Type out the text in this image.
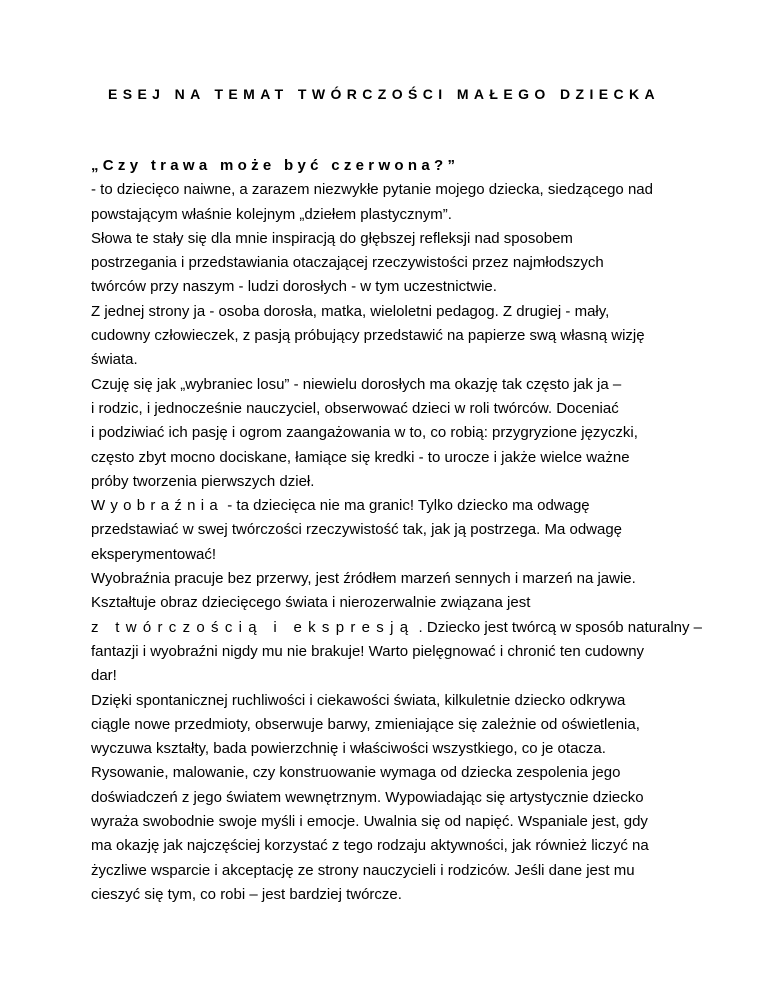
ESEJ NA TEMAT TWÓRCZOŚCI MAŁEGO DZIECKA
„Czy trawa może być czerwona?”
- to dziecięco naiwne, a zarazem niezwykłe pytanie mojego dziecka, siedzącego nad
powstającym właśnie kolejnym „dziełem plastycznym”.
Słowa te stały się dla mnie inspiracją do głębszej refleksji nad sposobem
postrzegania i przedstawiania otaczającej rzeczywistości przez najmłodszych
twórców przy naszym - ludzi dorosłych - w tym uczestnictwie.
Z jednej strony ja - osoba dorosła, matka, wieloletni pedagog. Z drugiej - mały,
cudowny człowieczek, z pasją próbujący przedstawić na papierze swą własną wizję
świata.
Czuję się jak „wybraniec losu” - niewielu dorosłych ma okazję tak często jak ja –
i rodzic, i jednocześnie nauczyciel, obserwować dzieci w roli twórców. Doceniać
i podziwiać ich pasję i ogrom zaangażowania w to, co robią: przygryzione języczki,
często zbyt mocno dociskane, łamiące się kredki - to urocze i jakże wielce ważne
próby tworzenia pierwszych dzieł.
Wyobraźnia - ta dziecięca nie ma granic! Tylko dziecko ma odwagę
przedstawiać w swej twórczości rzeczywistość tak, jak ją postrzega. Ma odwagę
eksperymentować!
Wyobraźnia pracuje bez przerwy, jest źródłem marzeń sennych i marzeń na jawie.
Kształtuje obraz dziecięcego świata i nierozerwalnie związana jest
z twórczością i ekspresją . Dziecko jest twórcą w sposób naturalny –
fantazji i wyobraźni nigdy mu nie brakuje! Warto pielęgnować i chronić ten cudowny
dar!
Dzięki spontanicznej ruchliwości i ciekawości świata, kilkuletnie dziecko odkrywa
ciągle nowe przedmioty, obserwuje barwy, zmieniające się zależnie od oświetlenia,
wyczuwa kształty, bada powierzchnię i właściwości wszystkiego, co je otacza.
Rysowanie, malowanie, czy konstruowanie wymaga od dziecka zespolenia jego
doświadczeń z jego światem wewnętrznym. Wypowiadając się artystycznie dziecko
wyraża swobodnie swoje myśli i emocje. Uwalnia się od napięć. Wspaniale jest, gdy
ma okazję jak najczęściej korzystać z tego rodzaju aktywności, jak również liczyć na
życzliwe wsparcie i akceptację ze strony nauczycieli i rodziców. Jeśli dane jest mu
cieszyć się tym, co robi – jest bardziej twórcze.
